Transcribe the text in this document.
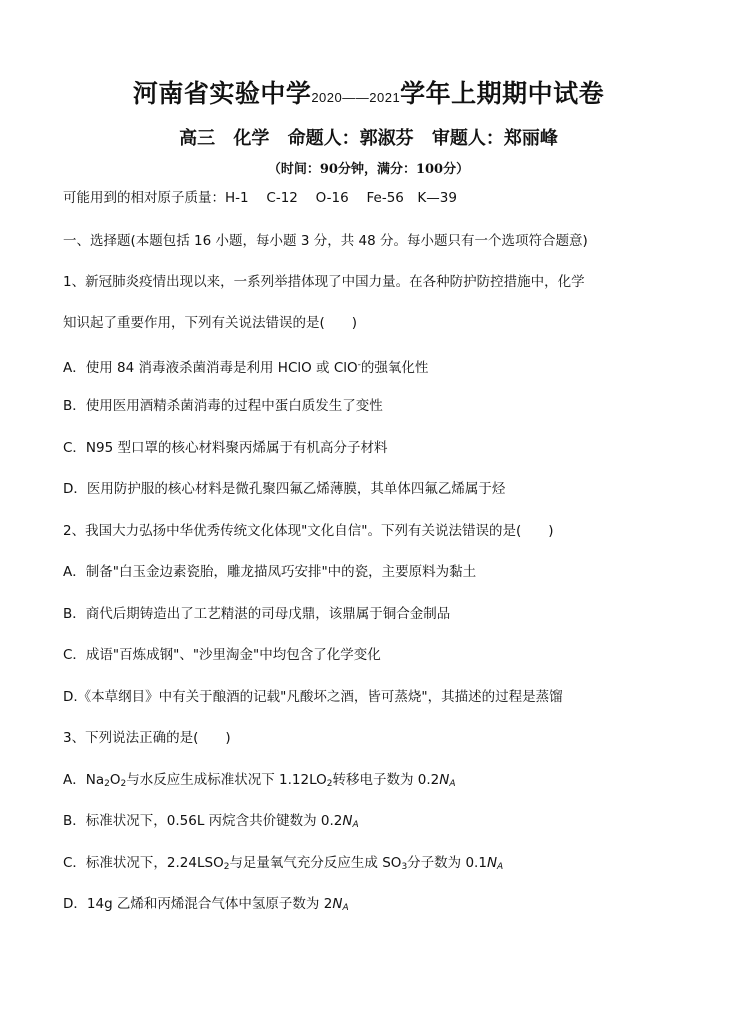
河南省实验中学2020——2021学年上期期中试卷
高三 化学 命题人：郭淑芬 审题人：郑丽峰
（时间：90分钟，满分：100分）
可能用到的相对原子质量：H-1　 C-12　 O-16　 Fe-56　K—39
一、选择题(本题包括 16 小题，每小题 3 分，共 48 分。每小题只有一个选项符合题意)
1、新冠肺炎疫情出现以来，一系列举措体现了中国力量。在各种防护防控措施中，化学
知识起了重要作用，下列有关说法错误的是(　　)
A．使用 84 消毒液杀菌消毒是利用 HClO 或 ClO-的强氧化性
B．使用医用酒精杀菌消毒的过程中蛋白质发生了变性
C．N95 型口罩的核心材料聚丙烯属于有机高分子材料
D．医用防护服的核心材料是微孔聚四氟乙烯薄膜，其单体四氟乙烯属于烃
2、我国大力弘扬中华优秀传统文化体现"文化自信"。下列有关说法错误的是(　　)
A．制备"白玉金边素瓷胎，雕龙描凤巧安排"中的瓷，主要原料为黏土
B．商代后期铸造出了工艺精湛的司母戊鼎，该鼎属于铜合金制品
C．成语"百炼成钢"、"沙里淘金"中均包含了化学变化
D.《本草纲目》中有关于酿酒的记载"凡酸坏之酒，皆可蒸烧"，其描述的过程是蒸馏
3、下列说法正确的是(　　)
A．$Na_2O_2$与水反应生成标准状况下 $1.12LO_2$转移电子数为 $0.2N_A$
B．标准状况下，0.56L 丙烷含共价键数为 $0.2N_A$
C．标准状况下，$2.24LSO_2$与足量氧气充分反应生成 $SO_3$分子数为 $0.1N_A$
D．14g 乙烯和丙烯混合气体中氢原子数为 $2N_A$
